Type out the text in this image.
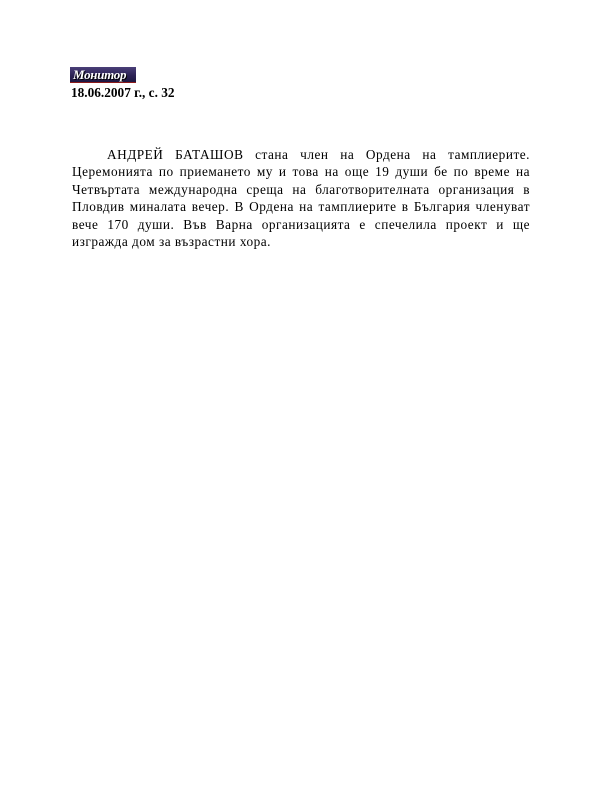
Монитор
18.06.2007 г., с. 32

АНДРЕЙ БАТАШОВ стана член на Ордена на тамплиерите. Церемонията по приемането му и това на още 19 души бе по време на Четвъртата международна среща на благотворителната организация в Пловдив миналата вечер. В Ордена на тамплиерите в България членуват вече 170 души. Във Варна организацията е спечелила проект и ще изгражда дом за възрастни хора.
